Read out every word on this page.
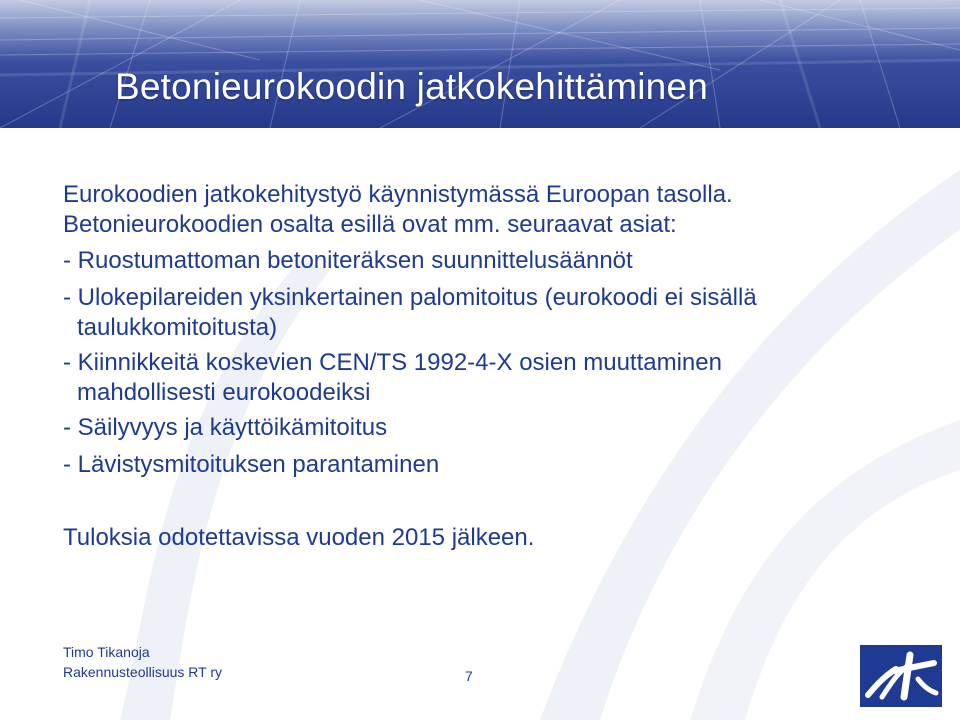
Betonieurokoodin jatkokehittäminen

Eurokoodien jatkokehitystyö käynnistymässä Euroopan tasolla.

Betonieurokoodien osalta esillä ovat mm. seuraavat asiat:

- Ruostumattoman betoniteräksen suunnittelusäännöt

- Ulokepilareiden yksinkertainen palomitoitus (eurokoodi ei sisällä

taulukkomitoitusta)

- Kiinnikkeitä koskevien CEN/TS 1992-4-X osien muuttaminen

mahdollisesti eurokoodeiksi

- Säilyvyys ja käyttöikämitoitus

- Lävistysmitoituksen parantaminen

Tuloksia odotettavissa vuoden 2015 jälkeen.

Timo Tikanoja
Rakennusteollisuus RT ry	7
